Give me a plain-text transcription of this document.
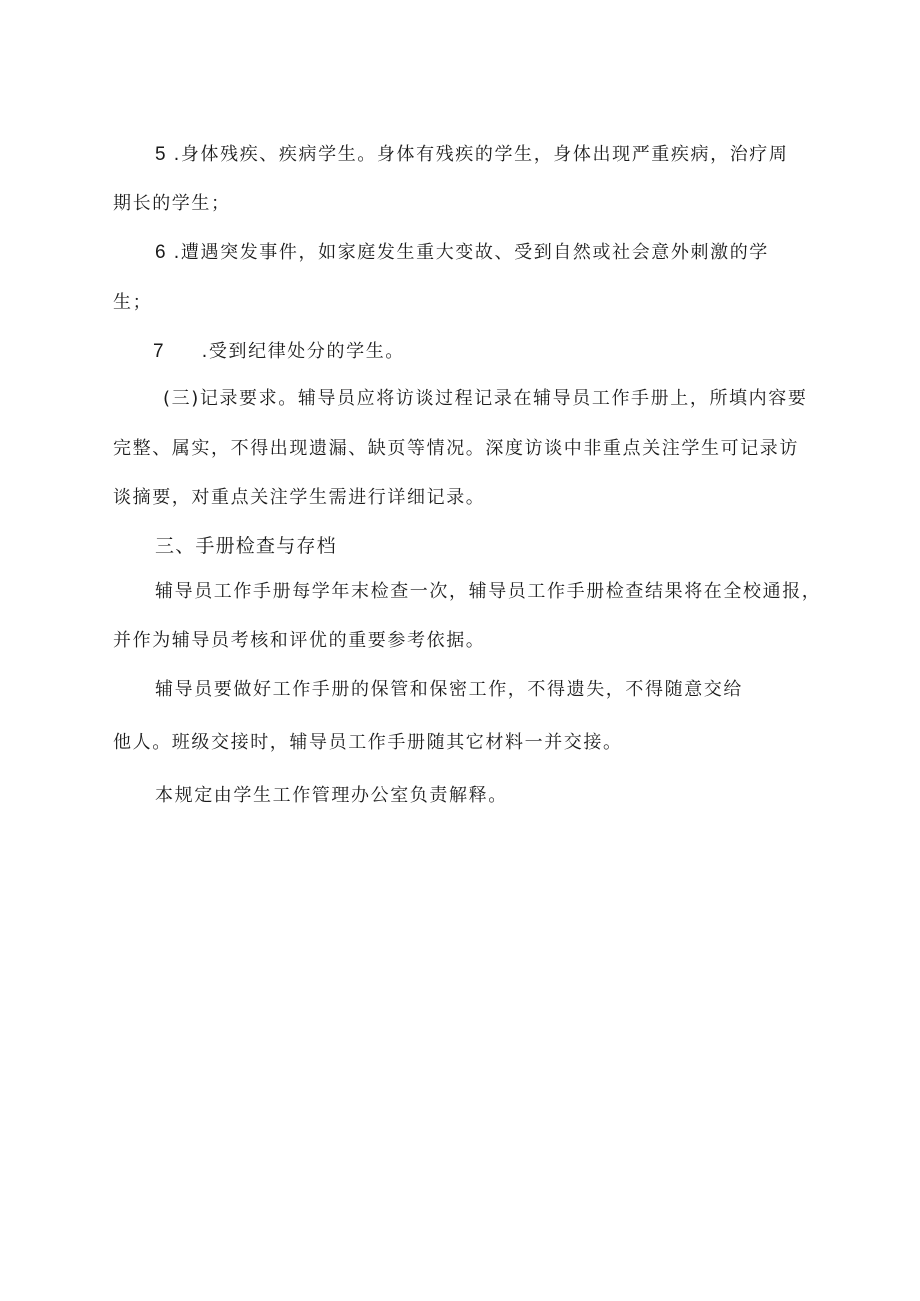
5 .身体残疾、疾病学生。身体有残疾的学生，身体出现严重疾病，治疗周
期长的学生；
6 .遭遇突发事件，如家庭发生重大变故、受到自然或社会意外刺激的学
生；
7 .受到纪律处分的学生。
(三)记录要求。辅导员应将访谈过程记录在辅导员工作手册上，所填内容要
完整、属实，不得出现遗漏、缺页等情况。深度访谈中非重点关注学生可记录访
谈摘要，对重点关注学生需进行详细记录。
三、手册检查与存档
辅导员工作手册每学年末检查一次，辅导员工作手册检查结果将在全校通报，
并作为辅导员考核和评优的重要参考依据。
辅导员要做好工作手册的保管和保密工作，不得遗失，不得随意交给
他人。班级交接时，辅导员工作手册随其它材料一并交接。
本规定由学生工作管理办公室负责解释。
